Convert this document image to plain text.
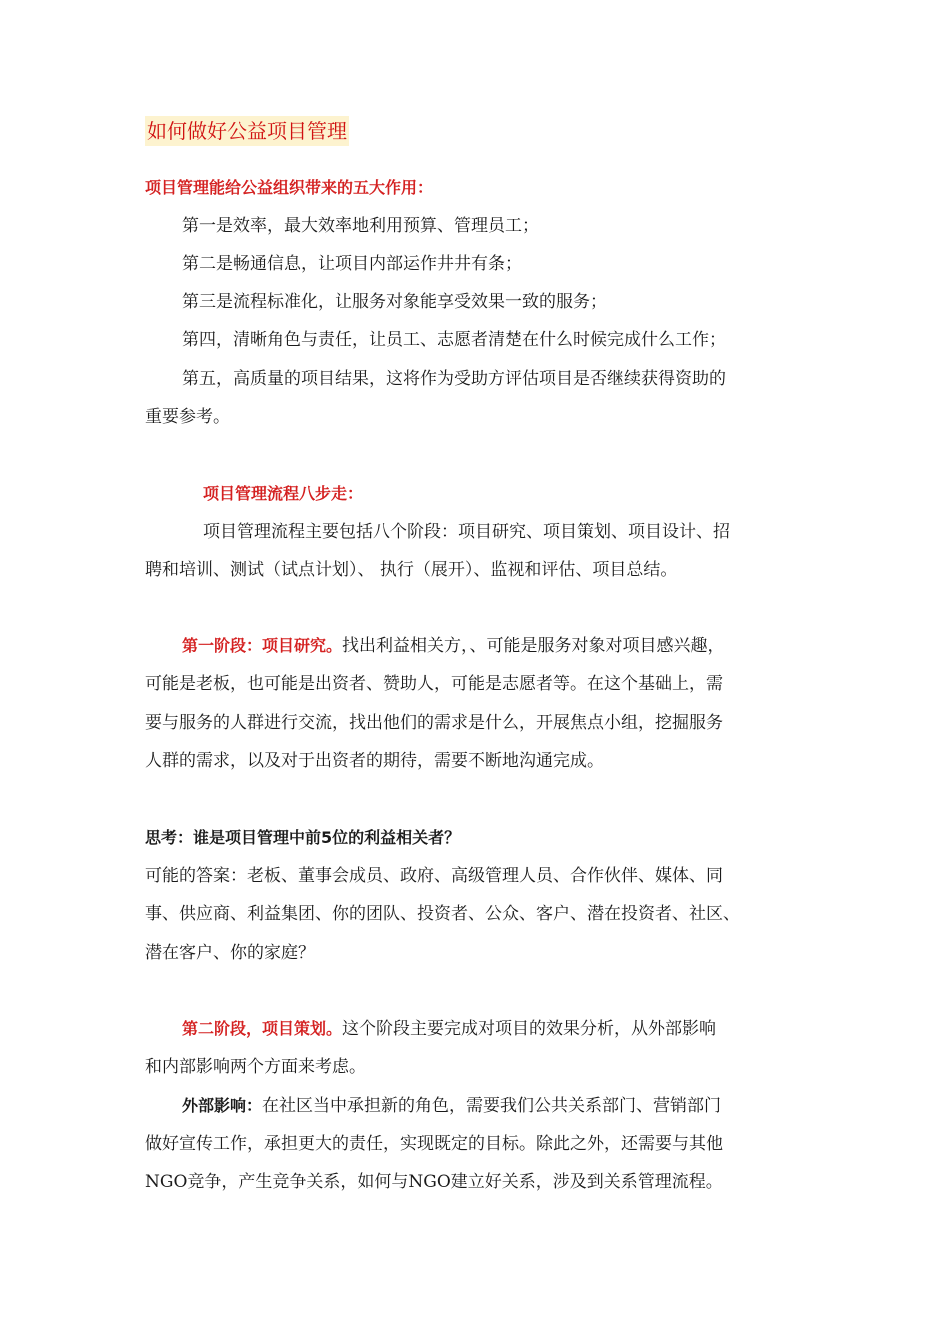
如何做好公益项目管理
项目管理能给公益组织带来的五大作用：
第一是效率，最大效率地利用预算、管理员工；
第二是畅通信息，让项目内部运作井井有条；
第三是流程标准化，让服务对象能享受效果一致的服务；
第四，清晰角色与责任，让员工、志愿者清楚在什么时候完成什么工作；
第五，高质量的项目结果，这将作为受助方评估项目是否继续获得资助的
重要参考。
项目管理流程八步走：
项目管理流程主要包括八个阶段：项目研究、项目策划、项目设计、招
聘和培训、测试（试点计划）、 执行（展开）、监视和评估、项目总结。
第一阶段：项目研究。找出利益相关方，、可能是服务对象对项目感兴趣，
可能是老板，也可能是出资者、赞助人，可能是志愿者等。在这个基础上，需
要与服务的人群进行交流，找出他们的需求是什么，开展焦点小组，挖掘服务
人群的需求，以及对于出资者的期待，需要不断地沟通完成。
思考：谁是项目管理中前5位的利益相关者？
可能的答案：老板、董事会成员、政府、高级管理人员、合作伙伴、媒体、同
事、供应商、利益集团、你的团队、投资者、公众、客户、潜在投资者、社区、
潜在客户、你的家庭？
第二阶段，项目策划。这个阶段主要完成对项目的效果分析，从外部影响
和内部影响两个方面来考虑。
外部影响：在社区当中承担新的角色，需要我们公共关系部门、营销部门
做好宣传工作，承担更大的责任，实现既定的目标。除此之外，还需要与其他
NGO竞争，产生竞争关系，如何与NGO建立好关系，涉及到关系管理流程。
